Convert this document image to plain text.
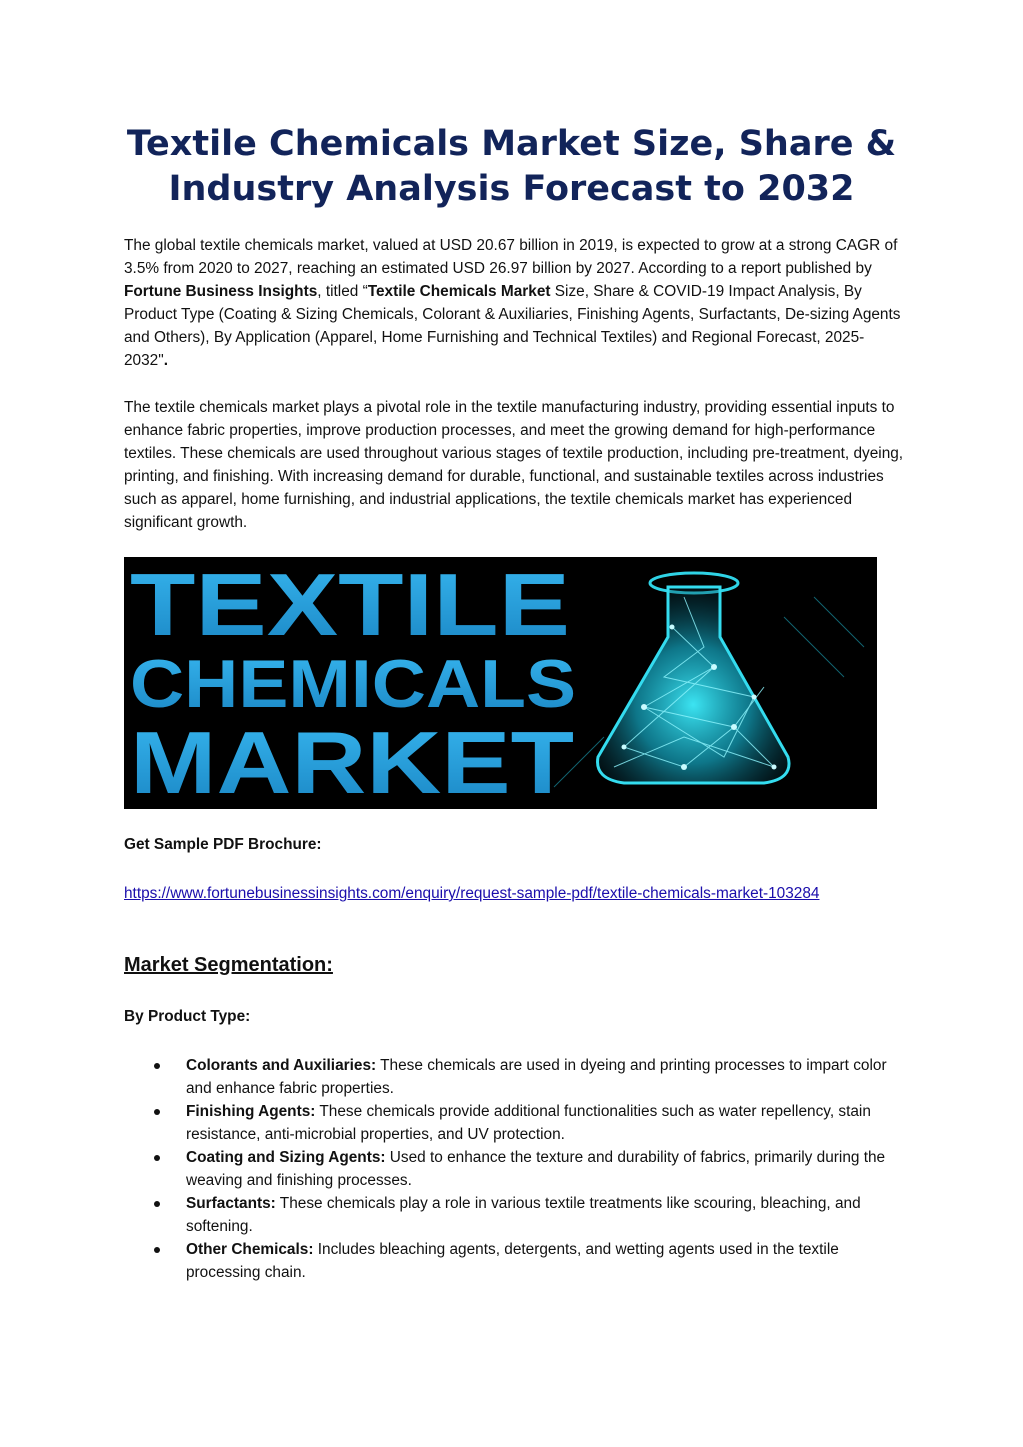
Textile Chemicals Market Size, Share & Industry Analysis Forecast to 2032

The global textile chemicals market, valued at USD 20.67 billion in 2019, is expected to grow at a strong CAGR of 3.5% from 2020 to 2027, reaching an estimated USD 26.97 billion by 2027. According to a report published by Fortune Business Insights, titled “Textile Chemicals Market Size, Share & COVID-19 Impact Analysis, By Product Type (Coating & Sizing Chemicals, Colorant & Auxiliaries, Finishing Agents, Surfactants, De-sizing Agents and Others), By Application (Apparel, Home Furnishing and Technical Textiles) and Regional Forecast, 2025-2032".

The textile chemicals market plays a pivotal role in the textile manufacturing industry, providing essential inputs to enhance fabric properties, improve production processes, and meet the growing demand for high-performance textiles. These chemicals are used throughout various stages of textile production, including pre-treatment, dyeing, printing, and finishing. With increasing demand for durable, functional, and sustainable textiles across industries such as apparel, home furnishing, and industrial applications, the textile chemicals market has experienced significant growth.

TEXTILE
CHEMICALS
MARKET

Get Sample PDF Brochure:

https://www.fortunebusinessinsights.com/enquiry/request-sample-pdf/textile-chemicals-market-103284
Market Segmentation:

By Product Type:

Colorants and Auxiliaries: These chemicals are used in dyeing and printing processes to impart color and enhance fabric properties.
Finishing Agents: These chemicals provide additional functionalities such as water repellency, stain resistance, anti-microbial properties, and UV protection.
Coating and Sizing Agents: Used to enhance the texture and durability of fabrics, primarily during the weaving and finishing processes.
Surfactants: These chemicals play a role in various textile treatments like scouring, bleaching, and softening.
Other Chemicals: Includes bleaching agents, detergents, and wetting agents used in the textile processing chain.
